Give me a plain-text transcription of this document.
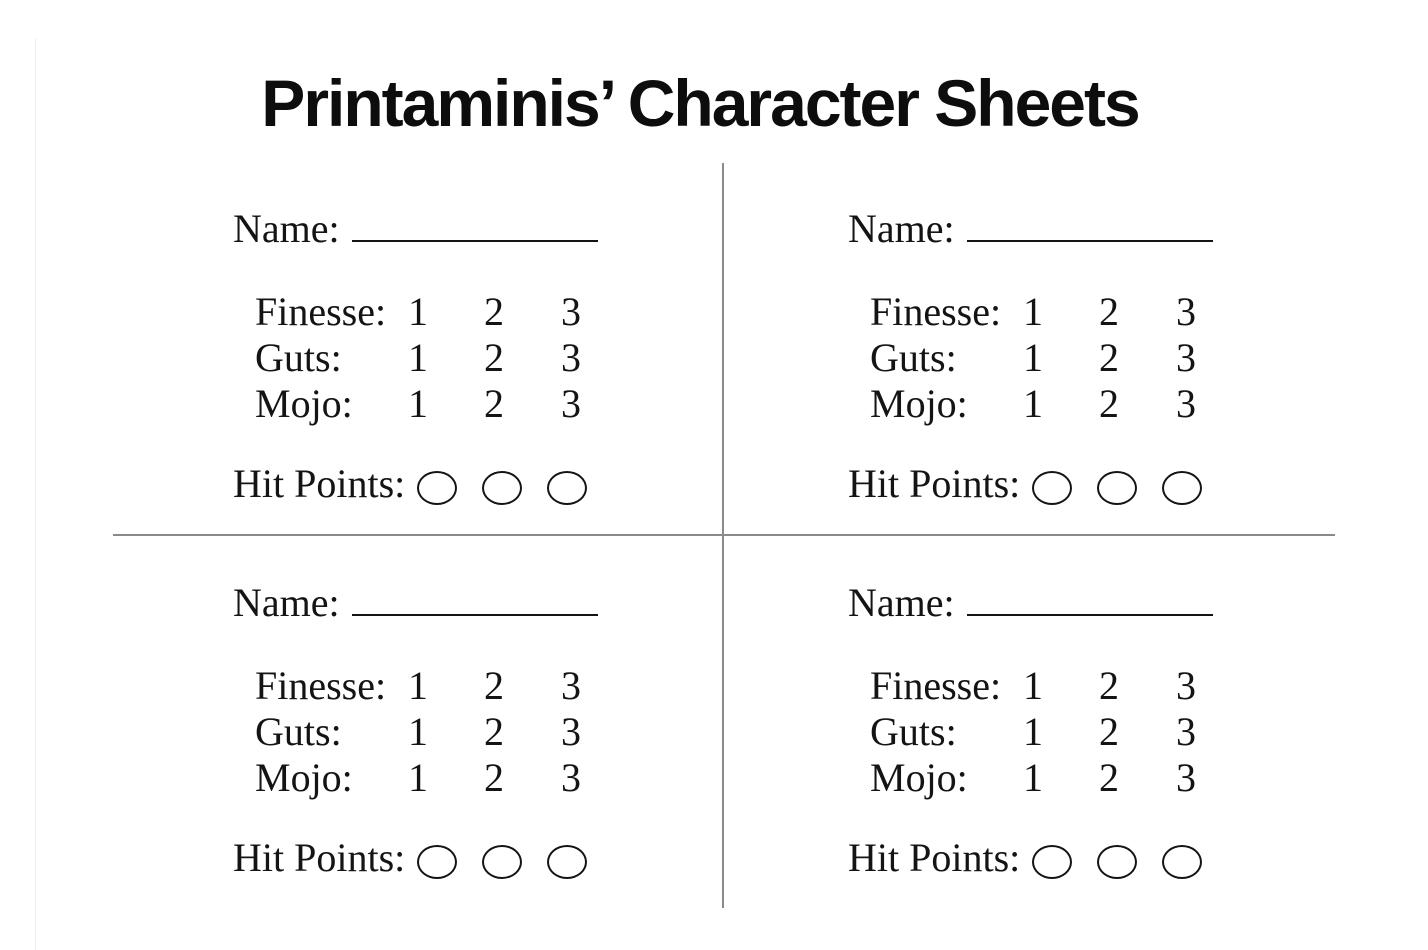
Printaminis’ Character Sheets
Name:
Finesse: 1	2	3
Guts:	1	2	3
Mojo:	1	2	3
Hit Points:
Name:
Finesse: 1	2	3
Guts:	1	2	3
Mojo:	1	2	3
Hit Points:
Name:
Finesse: 1	2	3
Guts:	1	2	3
Mojo:	1	2	3
Hit Points:
Name:
Finesse: 1	2	3
Guts:	1	2	3
Mojo:	1	2	3
Hit Points:
